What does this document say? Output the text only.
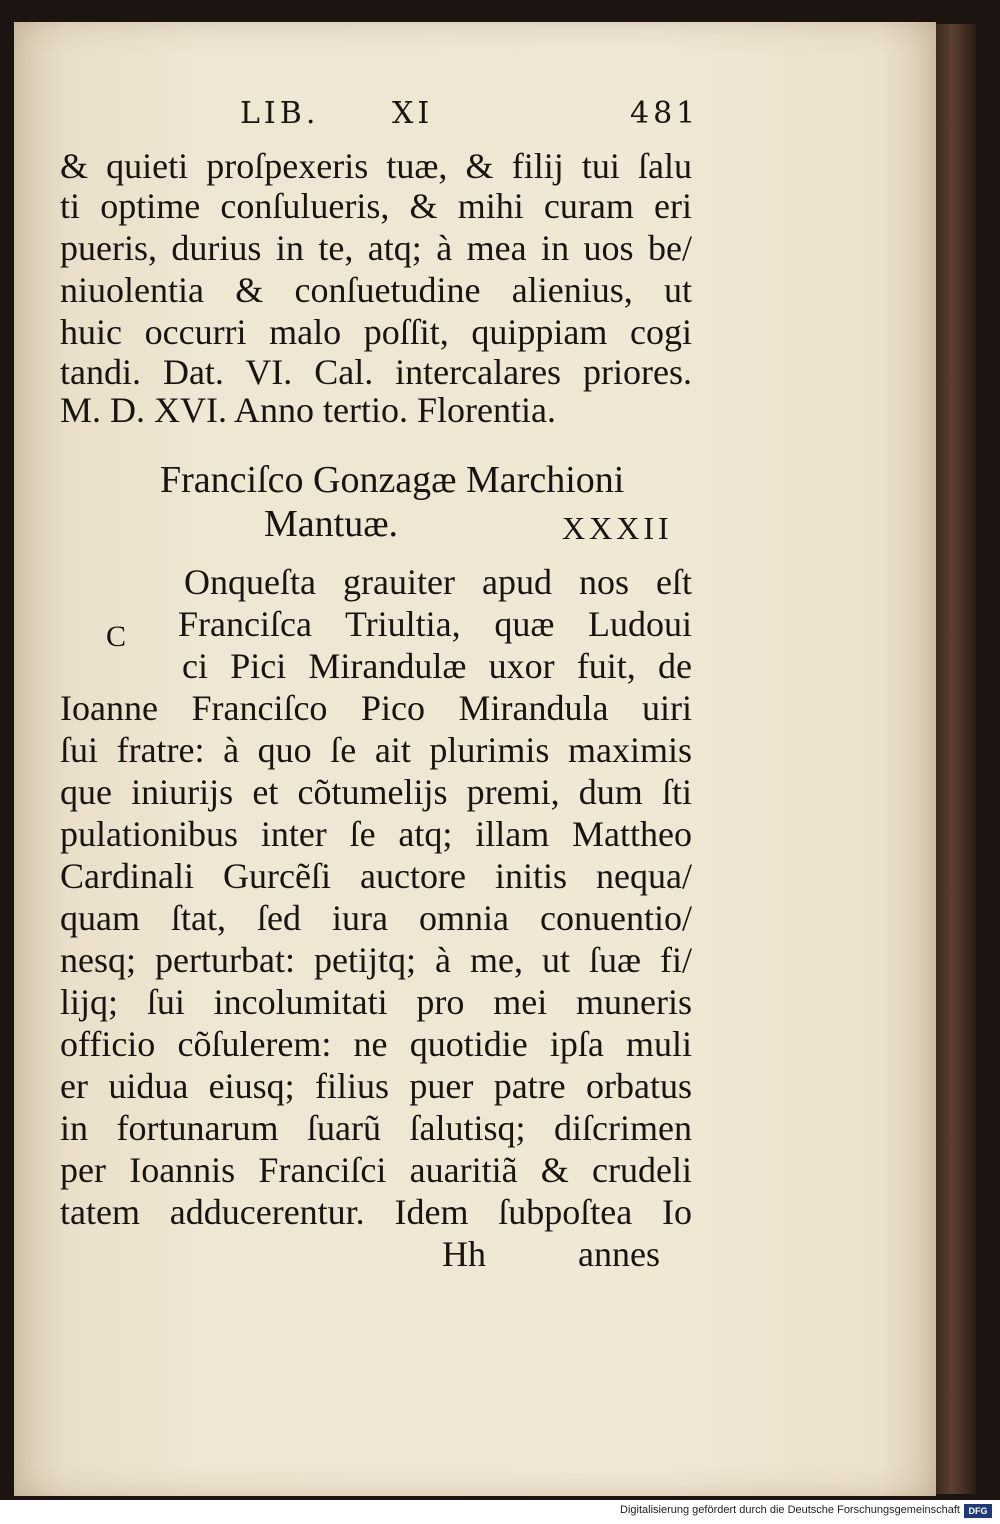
LIB. XI	481
& quieti proſpexeris tuæ, & filij tui ſalu
ti optime conſulueris, & mihi curam eri
pueris, durius in te, atq; à mea in uos be/
niuolentia & conſuetudine alienius, ut
huic occurri malo poſſit, quippiam cogi
tandi. Dat. VI. Cal. intercalares priores.
M. D. XVI. Anno tertio. Florentia.
Franciſco Gonzagæ Marchioni
Mantuæ.	XXXII
C
Onqueſta grauiter apud nos eſt
Franciſca Triultia, quæ Ludoui
ci Pici Mirandulæ uxor fuit, de
Ioanne Franciſco Pico Mirandula uiri
ſui fratre: à quo ſe ait plurimis maximis
que iniurijs et cõtumelijs premi, dum ſti
pulationibus inter ſe atq; illam Mattheo
Cardinali Gurcẽſi auctore initis nequa/
quam ſtat, ſed iura omnia conuentio/
nesq; perturbat: petijtq; à me, ut ſuæ fi/
lijq; ſui incolumitati pro mei muneris
officio cõſulerem: ne quotidie ipſa muli
er uidua eiusq; filius puer patre orbatus
in fortunarum ſuarũ ſalutisq; diſcrimen
per Ioannis Franciſci auaritiã & crudeli
tatem adducerentur. Idem ſubpoſtea Io
Hh	annes
Digitalisierung gefördert durch die Deutsche Forschungsgemeinschaft DFG
